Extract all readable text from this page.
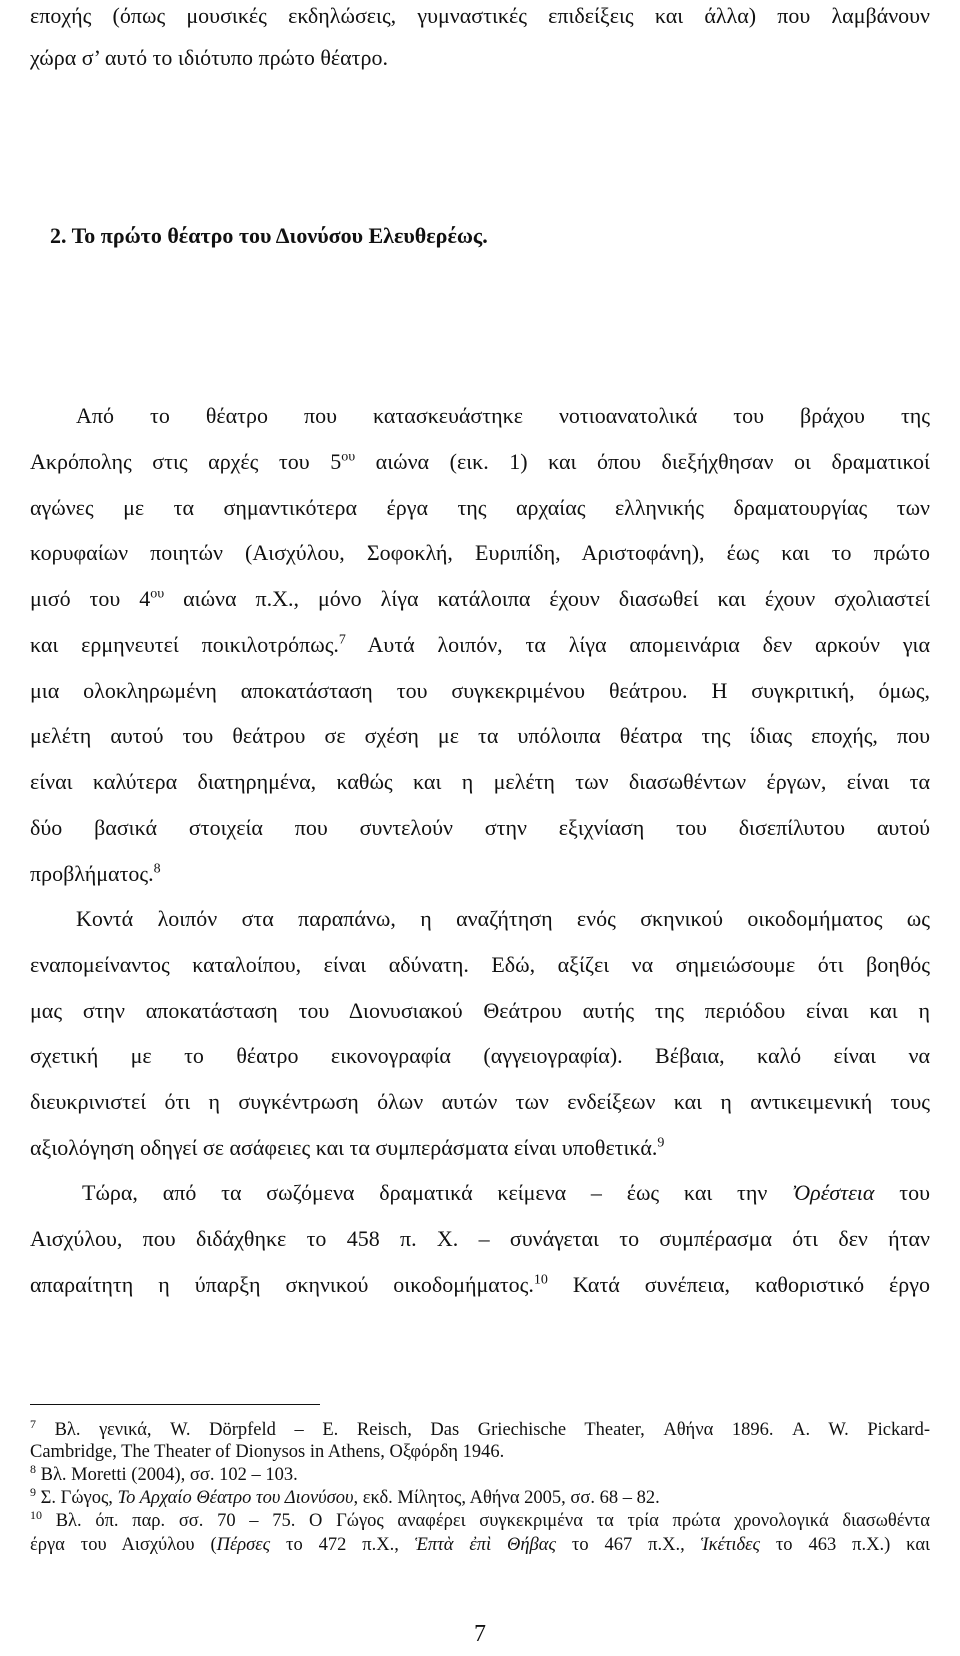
εποχής (όπως μουσικές εκδηλώσεις, γυμναστικές επιδείξεις και άλλα) που λαμβάνουν
χώρα σ’ αυτό το ιδιότυπο πρώτο θέατρο.
2. Το πρώτο θέατρο του Διονύσου Ελευθερέως.
Από το θέατρο που κατασκευάστηκε νοτιοανατολικά του βράχου της
Ακρόπολης στις αρχές του $5^{o\upsilon}$ αιώνα (εικ. 1) και όπου διεξήχθησαν οι δραματικοί
αγώνες με τα σημαντικότερα έργα της αρχαίας ελληνικής δραματουργίας των
κορυφαίων ποιητών (Αισχύλου, Σοφοκλή, Ευριπίδη, Αριστοφάνη), έως και το πρώτο
μισό του $4^{o\upsilon}$ αιώνα π.Χ., μόνο λίγα κατάλοιπα έχουν διασωθεί και έχουν σχολιαστεί
και ερμηνευτεί ποικιλοτρόπως.$^7$ Αυτά λοιπόν, τα λίγα απομεινάρια δεν αρκούν για
μια ολοκληρωμένη αποκατάσταση του συγκεκριμένου θεάτρου. Η συγκριτική, όμως,
μελέτη αυτού του θεάτρου σε σχέση με τα υπόλοιπα θέατρα της ίδιας εποχής, που
είναι καλύτερα διατηρημένα, καθώς και η μελέτη των διασωθέντων έργων, είναι τα
δύο βασικά στοιχεία που συντελούν στην εξιχνίαση του δισεπίλυτου αυτού
προβλήματος.$^8$
Κοντά λοιπόν στα παραπάνω, η αναζήτηση ενός σκηνικού οικοδομήματος ως
εναπομείναντος καταλοίπου, είναι αδύνατη. Εδώ, αξίζει να σημειώσουμε ότι βοηθός
μας στην αποκατάσταση του Διονυσιακού Θεάτρου αυτής της περιόδου είναι και η
σχετική με το θέατρο εικονογραφία (αγγειογραφία). Βέβαια, καλό είναι να
διευκρινιστεί ότι η συγκέντρωση όλων αυτών των ενδείξεων και η αντικειμενική τους
αξιολόγηση οδηγεί σε ασάφειες και τα συμπεράσματα είναι υποθετικά.$^9$
Τώρα, από τα σωζόμενα δραματικά κείμενα – έως και την Ὀρέστεια του
Αισχύλου, που διδάχθηκε το 458 π. Χ. – συνάγεται το συμπέρασμα ότι δεν ήταν
απαραίτητη η ύπαρξη σκηνικού οικοδομήματος.$^{10}$ Κατά συνέπεια, καθοριστικό έργο
$^7$ Βλ. γενικά, W. Dörpfeld – E. Reisch, Das Griechische Theater, Αθήνα 1896. A. W. Pickard-
Cambridge, The Theater of Dionysos in Athens, Οξφόρδη 1946.
$^8$ Βλ. Moretti (2004), σσ. 102 – 103.
$^9$ Σ. Γώγος, Το Αρχαίο Θέατρο του Διονύσου, εκδ. Μίλητος, Αθήνα 2005, σσ. 68 – 82.
$^{10}$ Βλ. όπ. παρ. σσ. 70 – 75. Ο Γώγος αναφέρει συγκεκριμένα τα τρία πρώτα χρονολογικά διασωθέντα
έργα του Αισχύλου (Πέρσες το 472 π.Χ., Ἑπτὰ ἐπὶ Θήβας το 467 π.Χ., Ἱκέτιδες το 463 π.Χ.) και
7
